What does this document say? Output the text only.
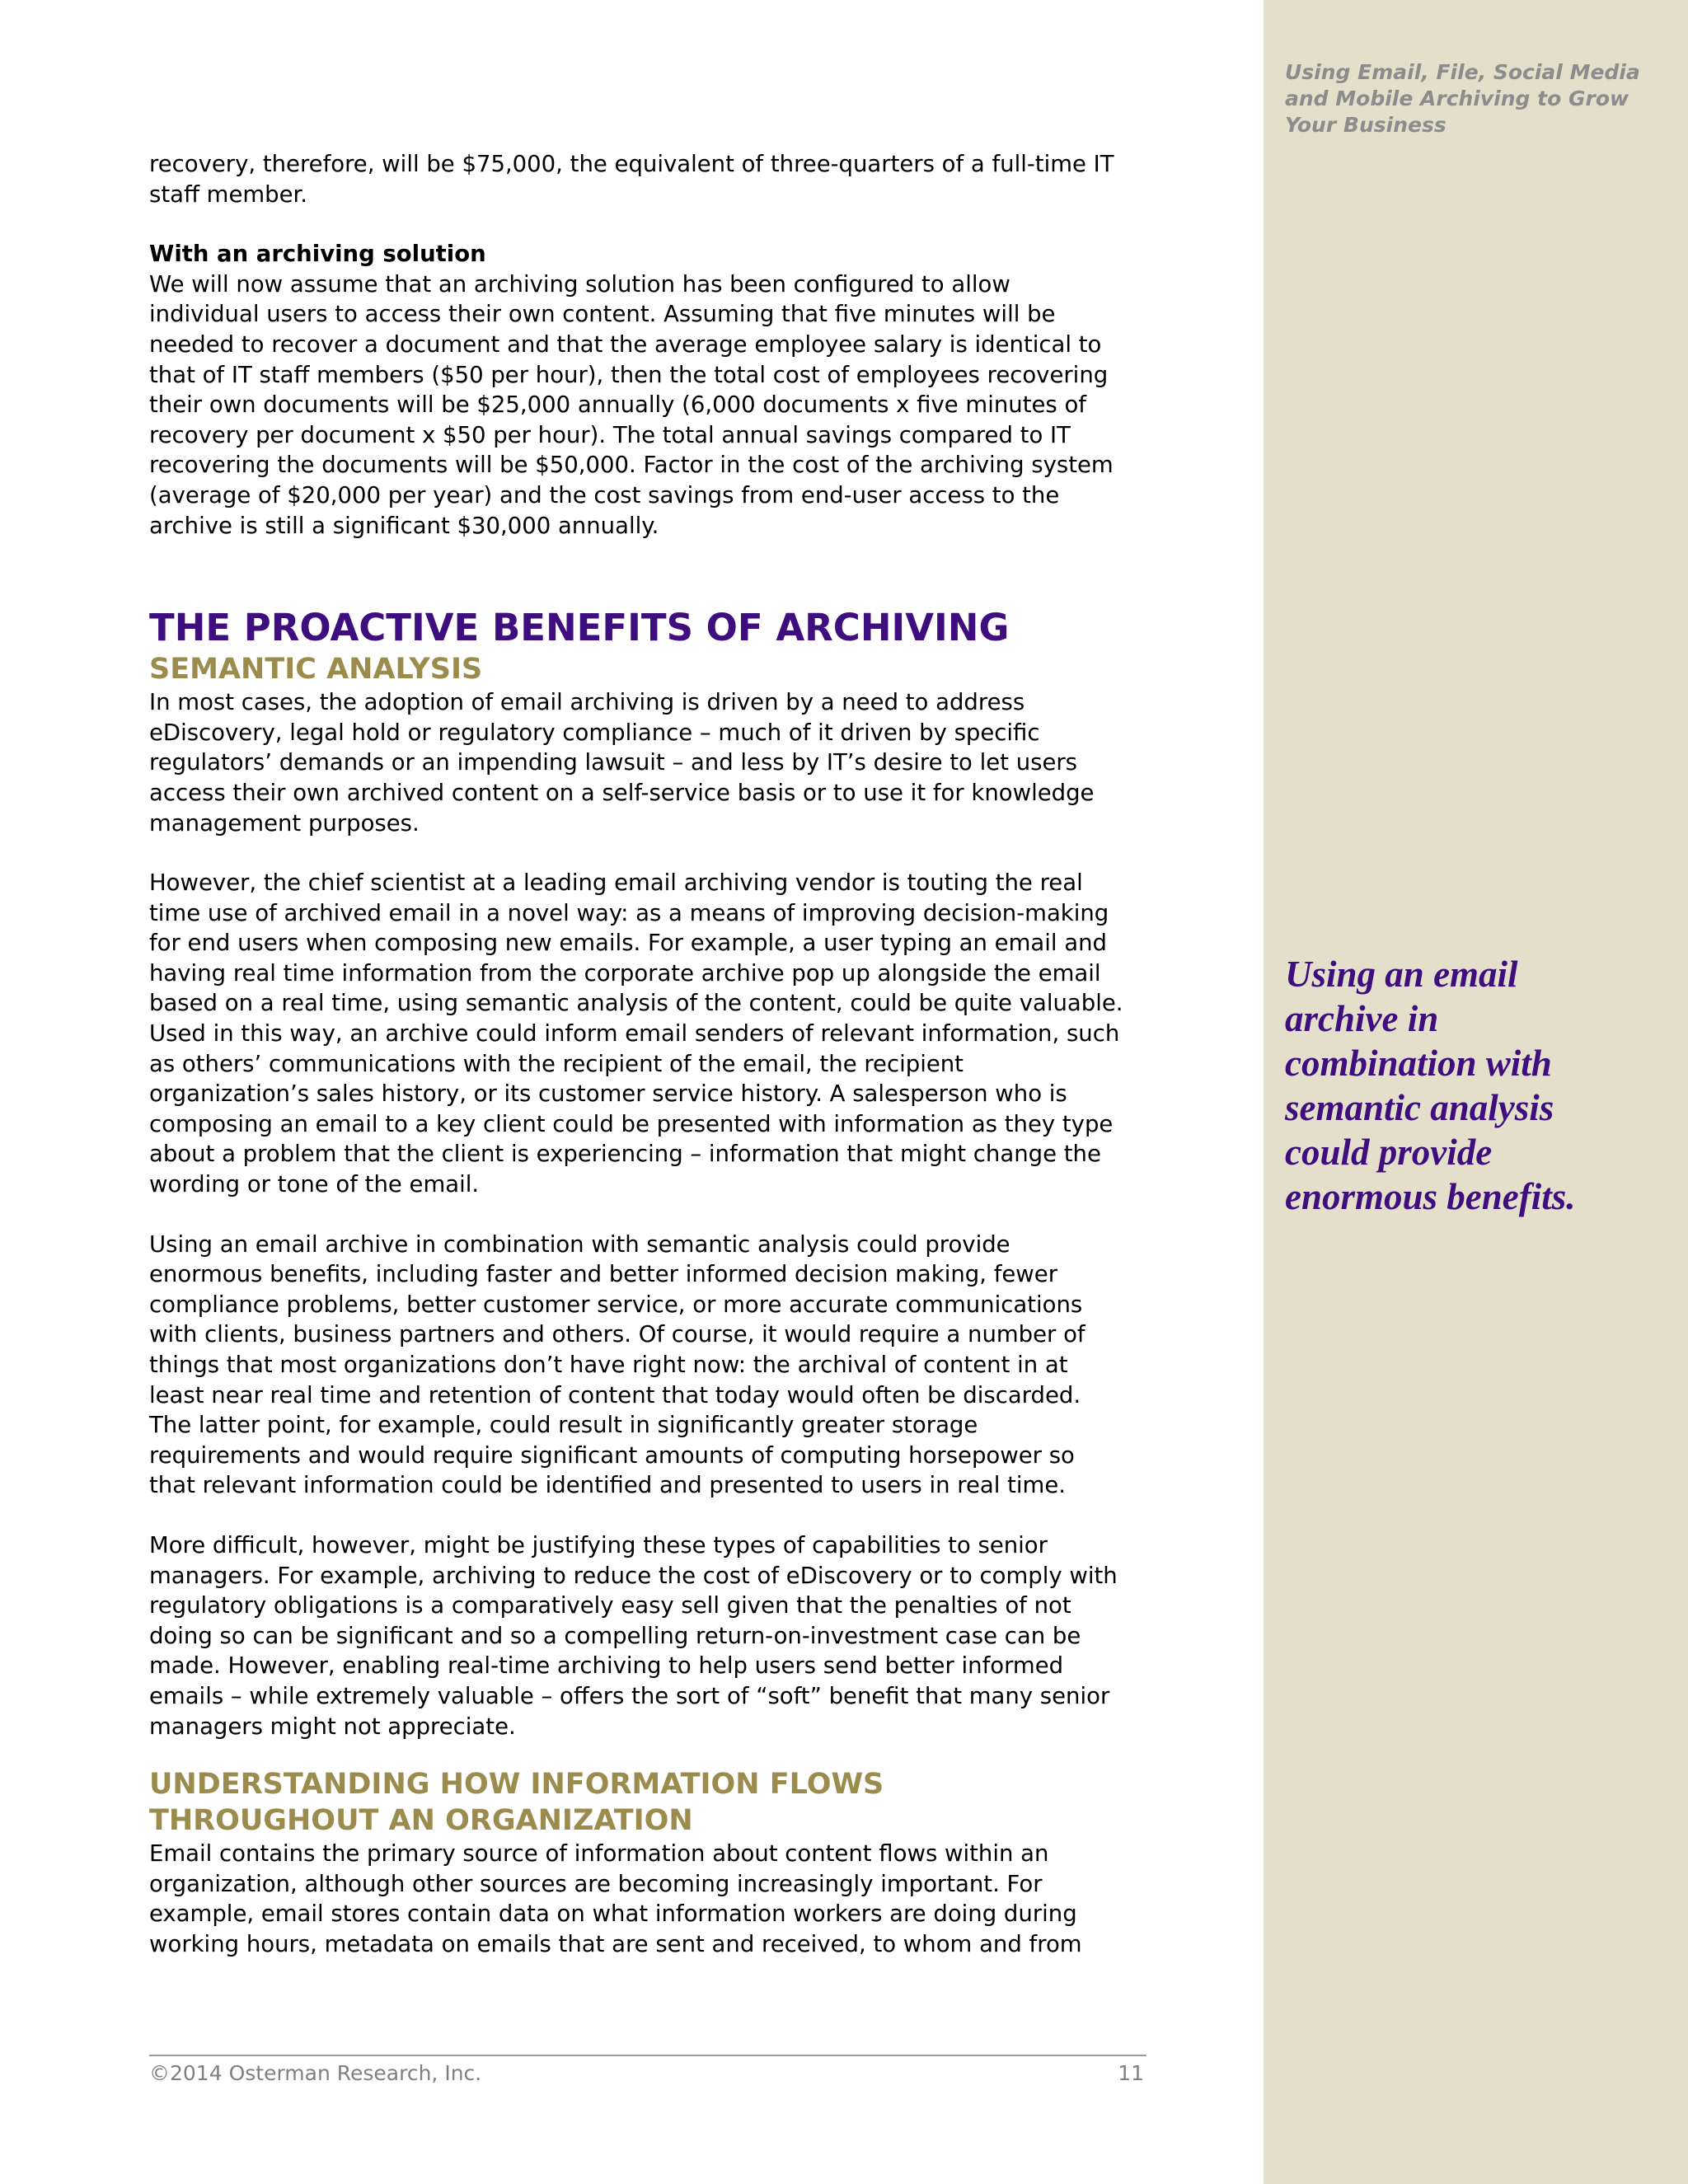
recovery, therefore, will be $75,000, the equivalent of three-quarters of a full-time IT staff member.

With an archiving solution

We will now assume that an archiving solution has been configured to allow individual users to access their own content. Assuming that five minutes will be needed to recover a document and that the average employee salary is identical to that of IT staff members ($50 per hour), then the total cost of employees recovering their own documents will be $25,000 annually (6,000 documents x five minutes of recovery per document x $50 per hour). The total annual savings compared to IT recovering the documents will be $50,000. Factor in the cost of the archiving system (average of $20,000 per year) and the cost savings from end-user access to the archive is still a significant $30,000 annually.

THE PROACTIVE BENEFITS OF ARCHIVING
SEMANTIC ANALYSIS

In most cases, the adoption of email archiving is driven by a need to address eDiscovery, legal hold or regulatory compliance – much of it driven by specific regulators’ demands or an impending lawsuit – and less by IT’s desire to let users access their own archived content on a self-service basis or to use it for knowledge management purposes.

However, the chief scientist at a leading email archiving vendor is touting the real time use of archived email in a novel way: as a means of improving decision-making for end users when composing new emails. For example, a user typing an email and having real time information from the corporate archive pop up alongside the email based on a real time, using semantic analysis of the content, could be quite valuable. Used in this way, an archive could inform email senders of relevant information, such as others’ communications with the recipient of the email, the recipient organization’s sales history, or its customer service history. A salesperson who is composing an email to a key client could be presented with information as they type about a problem that the client is experiencing – information that might change the wording or tone of the email.

Using an email archive in combination with semantic analysis could provide enormous benefits, including faster and better informed decision making, fewer compliance problems, better customer service, or more accurate communications with clients, business partners and others. Of course, it would require a number of things that most organizations don’t have right now: the archival of content in at least near real time and retention of content that today would often be discarded. The latter point, for example, could result in significantly greater storage requirements and would require significant amounts of computing horsepower so that relevant information could be identified and presented to users in real time.

More difficult, however, might be justifying these types of capabilities to senior managers. For example, archiving to reduce the cost of eDiscovery or to comply with regulatory obligations is a comparatively easy sell given that the penalties of not doing so can be significant and so a compelling return-on-investment case can be made. However, enabling real-time archiving to help users send better informed emails – while extremely valuable – offers the sort of “soft” benefit that many senior managers might not appreciate.

UNDERSTANDING HOW INFORMATION FLOWS
THROUGHOUT AN ORGANIZATION

Email contains the primary source of information about content flows within an organization, although other sources are becoming increasingly important. For example, email stores contain data on what information workers are doing during working hours, metadata on emails that are sent and received, to whom and from

Using Email, File, Social Media and Mobile Archiving to Grow Your Business
Using an email archive in combination with semantic analysis could provide enormous benefits.
©2014 Osterman Research, Inc.	11
